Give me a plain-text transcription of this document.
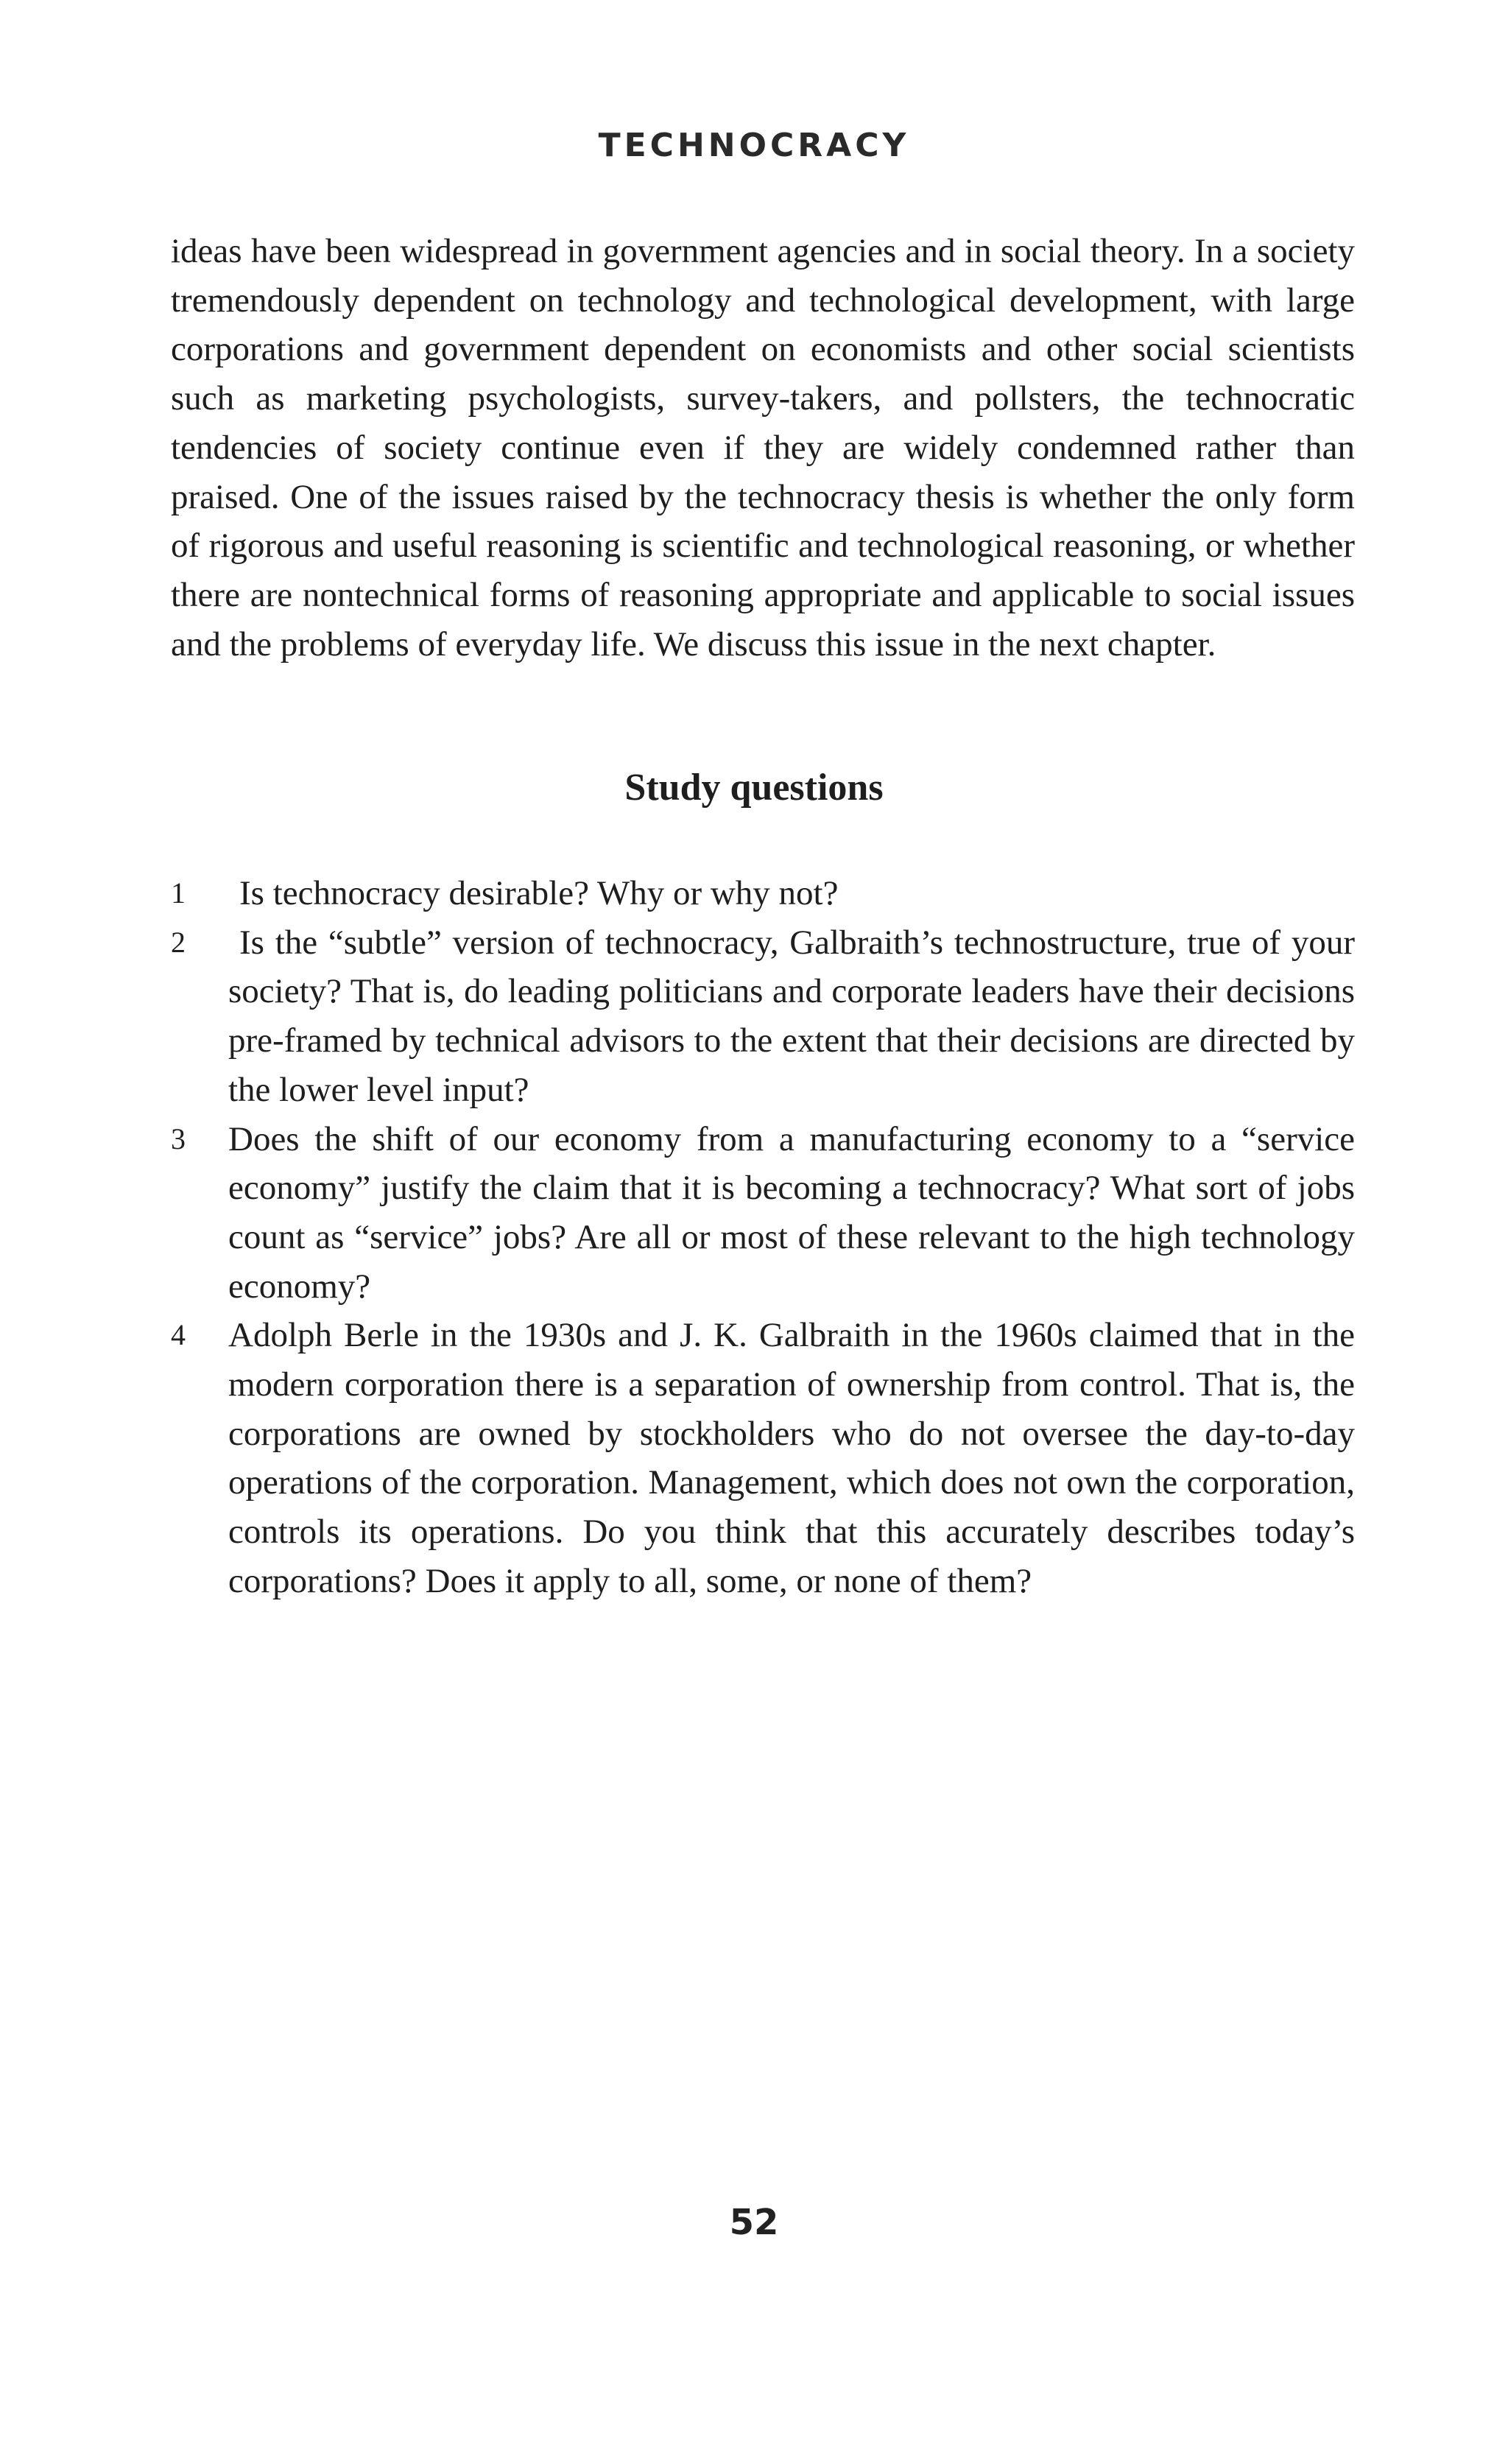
TECHNOCRACY

ideas have been widespread in government agencies and in social theory. In a society tremendously dependent on technology and technological development, with large corporations and government dependent on economists and other social scientists such as marketing psychologists, survey-takers, and pollsters, the technocratic tendencies of society continue even if they are widely condemned rather than praised. One of the issues raised by the technocracy thesis is whether the only form of rigorous and useful reasoning is scientific and technological reasoning, or whether there are nontechnical forms of reasoning appropriate and applicable to social issues and the problems of everyday life. We discuss this issue in the next chapter.

Study questions
1 Is technocracy desirable? Why or why not?
2 Is the “subtle” version of technocracy, Galbraith’s technostructure, true of your society? That is, do leading politicians and corporate leaders have their decisions pre-framed by technical advisors to the extent that their decisions are directed by the lower level input?
3 Does the shift of our economy from a manufacturing economy to a “service economy” justify the claim that it is becoming a technocracy? What sort of jobs count as “service” jobs? Are all or most of these relevant to the high technology economy?
4 Adolph Berle in the 1930s and J. K. Galbraith in the 1960s claimed that in the modern corporation there is a separation of ownership from control. That is, the corporations are owned by stockholders who do not oversee the day-to-day operations of the corporation. Management, which does not own the corporation, controls its operations. Do you think that this accurately describes today’s corporations? Does it apply to all, some, or none of them?
52
